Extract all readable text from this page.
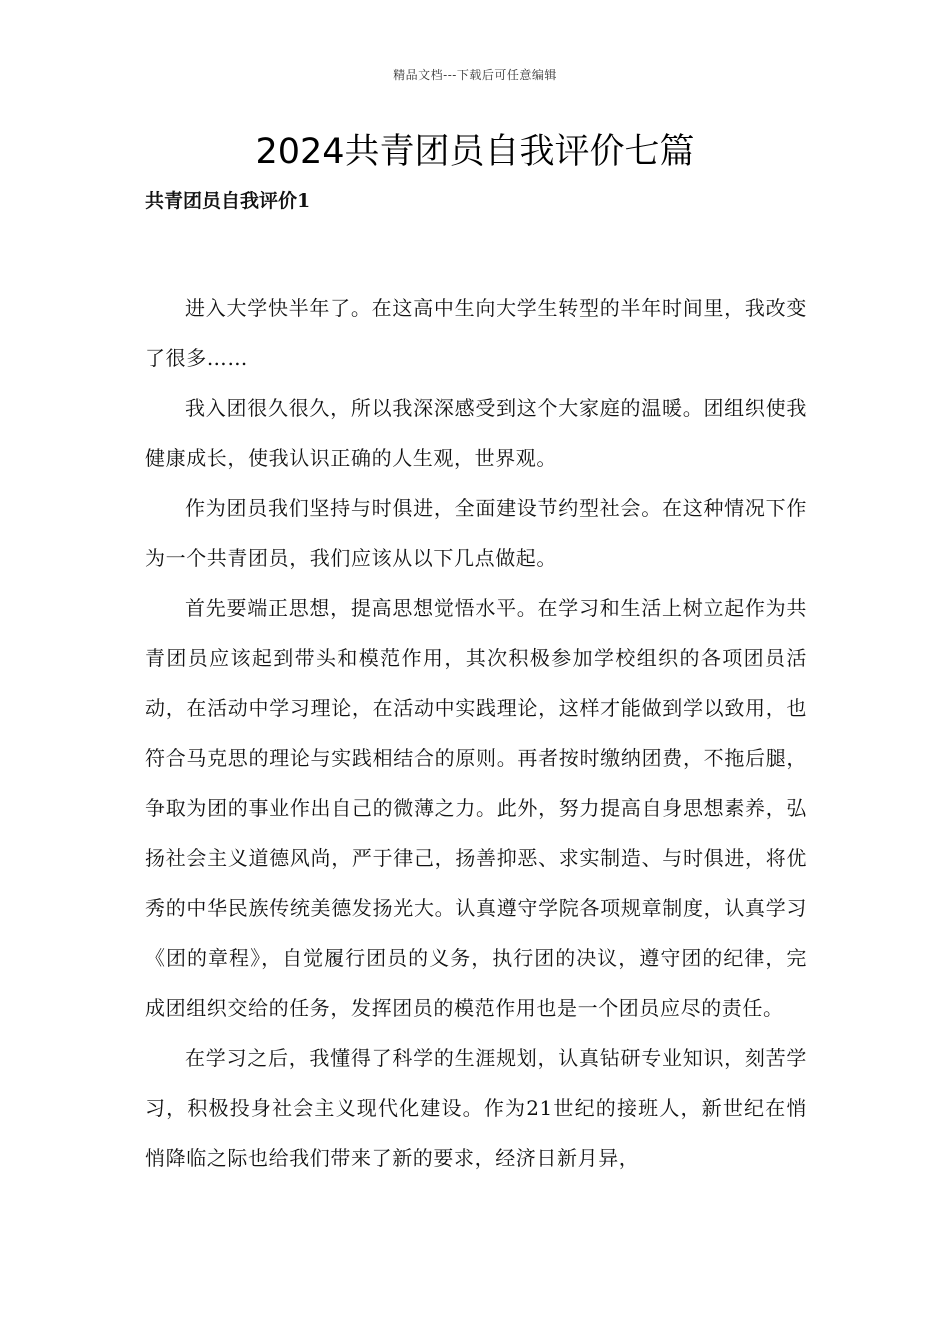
精品文档---下载后可任意编辑
2024共青团员自我评价七篇
共青团员自我评价1

进入大学快半年了。在这高中生向大学生转型的半年时间里，我改变了很多……

我入团很久很久，所以我深深感受到这个大家庭的温暖。团组织使我健康成长，使我认识正确的人生观，世界观。

作为团员我们坚持与时俱进，全面建设节约型社会。在这种情况下作为一个共青团员，我们应该从以下几点做起。

首先要端正思想，提高思想觉悟水平。在学习和生活上树立起作为共青团员应该起到带头和模范作用，其次积极参加学校组织的各项团员活动，在活动中学习理论，在活动中实践理论，这样才能做到学以致用，也符合马克思的理论与实践相结合的原则。再者按时缴纳团费，不拖后腿，争取为团的事业作出自己的微薄之力。此外，努力提高自身思想素养，弘扬社会主义道德风尚，严于律己，扬善抑恶、求实制造、与时俱进，将优秀的中华民族传统美德发扬光大。认真遵守学院各项规章制度，认真学习《团的章程》，自觉履行团员的义务，执行团的决议，遵守团的纪律，完成团组织交给的任务，发挥团员的模范作用也是一个团员应尽的责任。

在学习之后，我懂得了科学的生涯规划，认真钻研专业知识，刻苦学习，积极投身社会主义现代化建设。作为21世纪的接班人，新世纪在悄悄降临之际也给我们带来了新的要求，经济日新月异，
